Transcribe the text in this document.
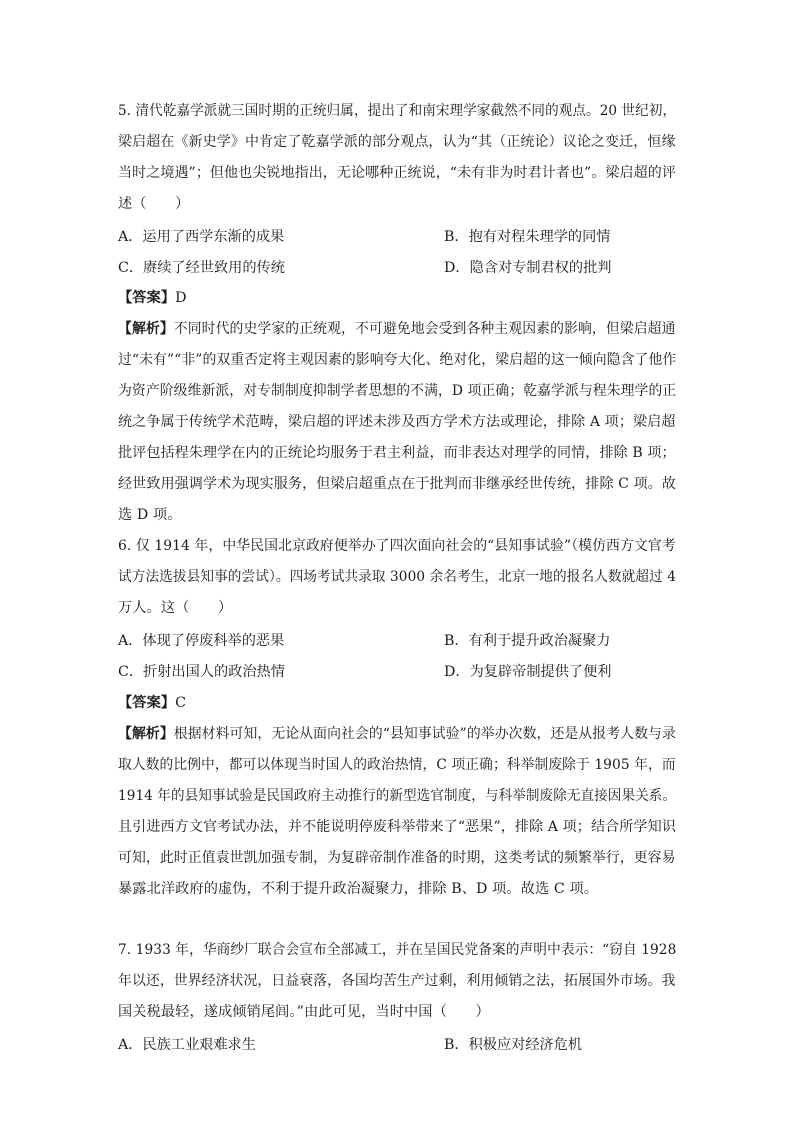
5. 清代乾嘉学派就三国时期的正统归属，提出了和南宋理学家截然不同的观点。20 世纪初，
梁启超在《新史学》中肯定了乾嘉学派的部分观点，认为“其（正统论）议论之变迁，恒缘
当时之境遇”；但他也尖锐地指出，无论哪种正统说，“未有非为时君计者也”。梁启超的评
述（　　）
A．运用了西学东渐的成果	B．抱有对程朱理学的同情
C．赓续了经世致用的传统	D．隐含对专制君权的批判
【答案】D
【解析】不同时代的史学家的正统观，不可避免地会受到各种主观因素的影响，但梁启超通
过“未有”“非”的双重否定将主观因素的影响夸大化、绝对化，梁启超的这一倾向隐含了他作
为资产阶级维新派，对专制制度抑制学者思想的不满，D 项正确；乾嘉学派与程朱理学的正
统之争属于传统学术范畴，梁启超的评述未涉及西方学术方法或理论，排除 A 项；梁启超
批评包括程朱理学在内的正统论均服务于君主利益，而非表达对理学的同情，排除 B 项；
经世致用强调学术为现实服务，但梁启超重点在于批判而非继承经世传统，排除 C 项。故
选 D 项。
6. 仅 1914 年，中华民国北京政府便举办了四次面向社会的“县知事试验”（模仿西方文官考
试方法选拔县知事的尝试）。四场考试共录取 3000 余名考生，北京一地的报名人数就超过 4
万人。这（　　）
A．体现了停废科举的恶果	B．有利于提升政治凝聚力
C．折射出国人的政治热情	D．为复辟帝制提供了便利
【答案】C
【解析】根据材料可知，无论从面向社会的“县知事试验”的举办次数，还是从报考人数与录
取人数的比例中，都可以体现当时国人的政治热情，C 项正确；科举制废除于 1905 年，而
1914 年的县知事试验是民国政府主动推行的新型选官制度，与科举制废除无直接因果关系。
且引进西方文官考试办法，并不能说明停废科举带来了“恶果”，排除 A 项；结合所学知识
可知，此时正值袁世凯加强专制，为复辟帝制作准备的时期，这类考试的频繁举行，更容易
暴露北洋政府的虚伪，不利于提升政治凝聚力，排除 B、D 项。故选 C 项。
7. 1933 年，华商纱厂联合会宣布全部减工，并在呈国民党备案的声明中表示：“窃自 1928
年以还，世界经济状况，日益衰落，各国均苦生产过剩，利用倾销之法，拓展国外市场。我
国关税最轻，遂成倾销尾闾。”由此可见，当时中国（　　）
A．民族工业艰难求生	B．积极应对经济危机
